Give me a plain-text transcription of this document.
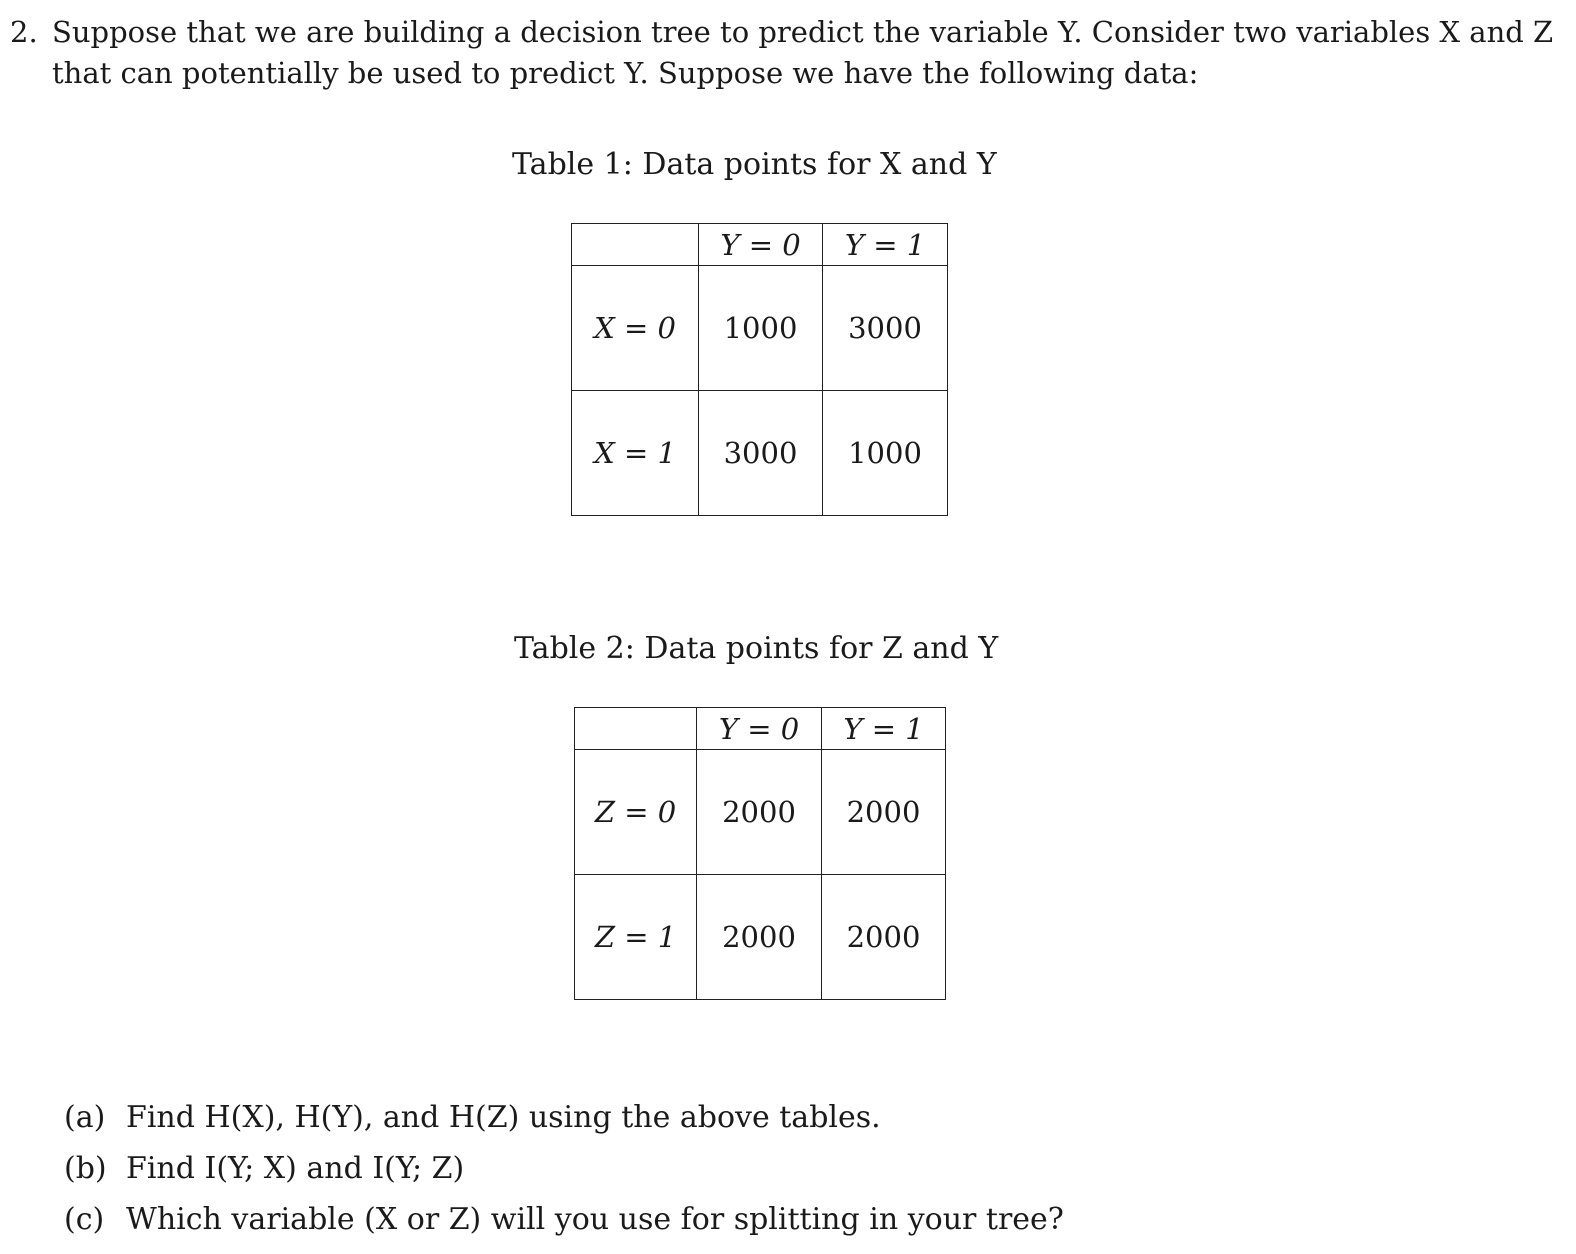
2. Suppose that we are building a decision tree to predict the variable Y. Consider two variables X and Z
that can potentially be used to predict Y. Suppose we have the following data:
Table 1: Data points for X and Y
	Y = 0	Y = 1
X = 0	1000	3000
X = 1	3000	1000
Table 2: Data points for Z and Y
	Y = 0	Y = 1
Z = 0	2000	2000
Z = 1	2000	2000
(a) Find H(X), H(Y), and H(Z) using the above tables.
(b) Find I(Y; X) and I(Y; Z)
(c) Which variable (X or Z) will you use for splitting in your tree?
